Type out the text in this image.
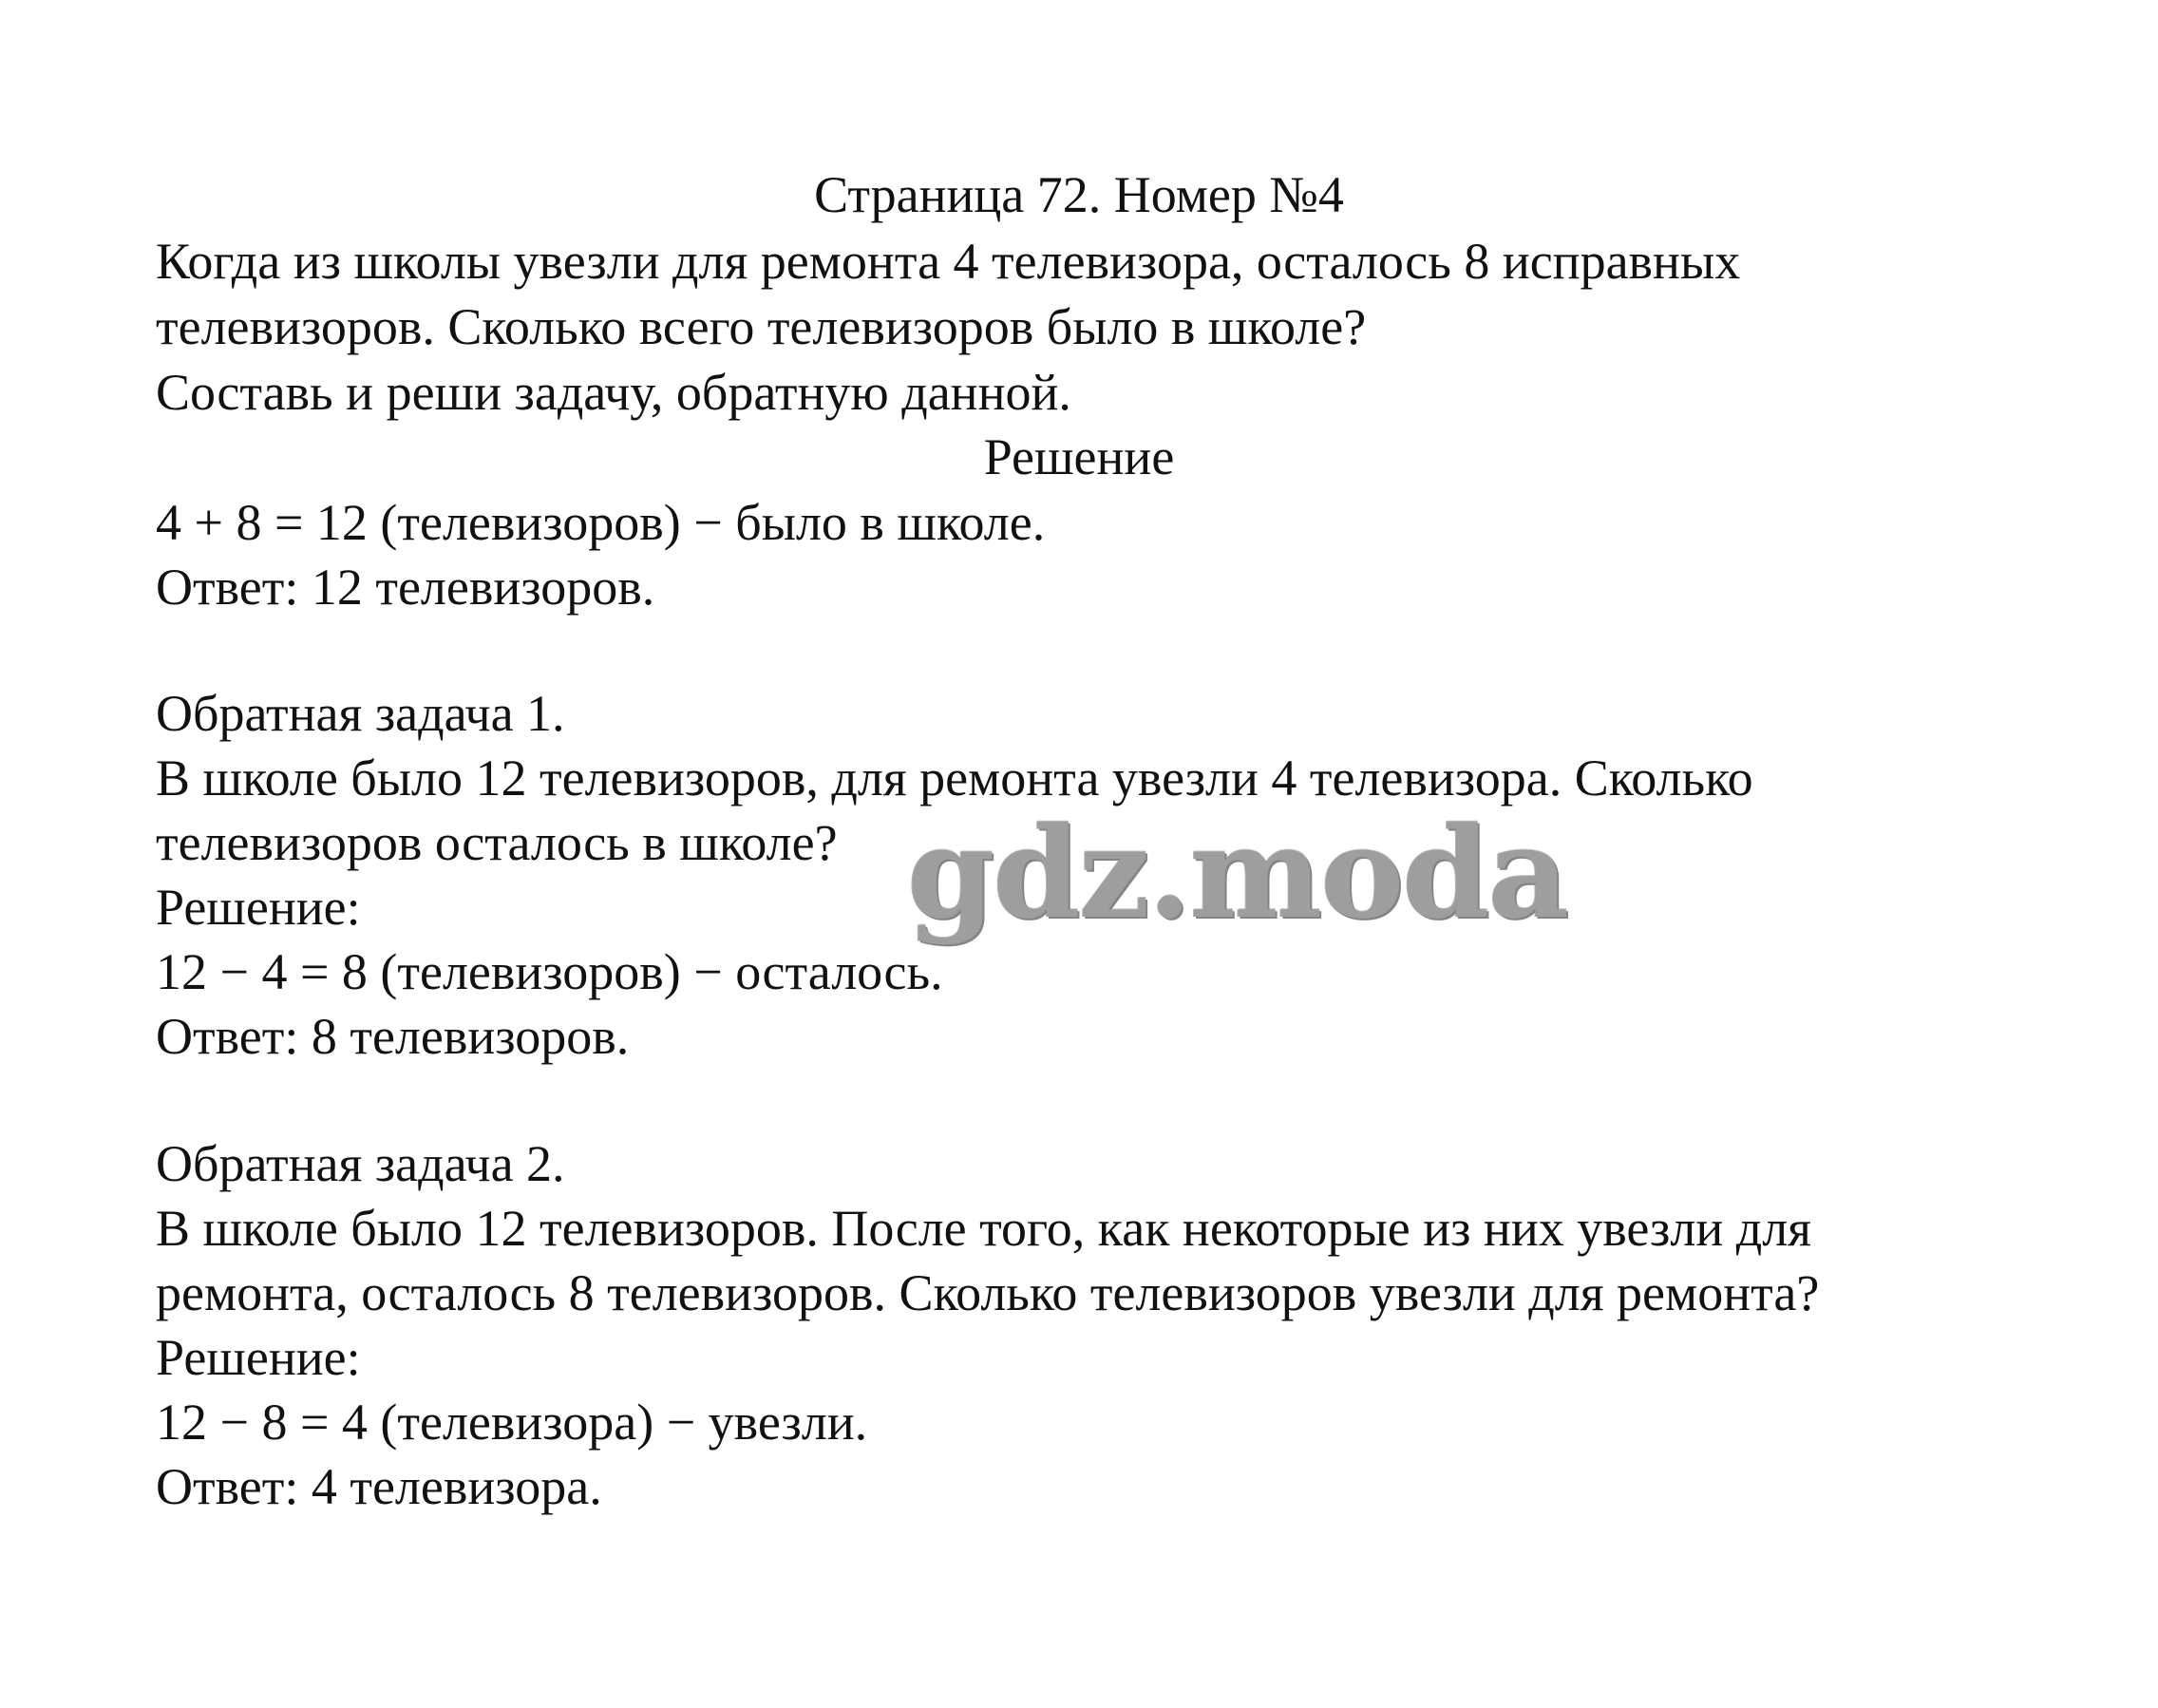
Страница 72. Номер №4
Когда из школы увезли для ремонта 4 телевизора, осталось 8 исправных
телевизоров. Сколько всего телевизоров было в школе?
Составь и реши задачу, обратную данной.
Решение
4 + 8 = 12 (телевизоров) − было в школе.
Ответ: 12 телевизоров.
Обратная задача 1.
В школе было 12 телевизоров, для ремонта увезли 4 телевизора. Сколько
телевизоров осталось в школе?
Решение:
12 − 4 = 8 (телевизоров) − осталось.
Ответ: 8 телевизоров.
Обратная задача 2.
В школе было 12 телевизоров. После того, как некоторые из них увезли для
ремонта, осталось 8 телевизоров. Сколько телевизоров увезли для ремонта?
Решение:
12 − 8 = 4 (телевизора) − увезли.
Ответ: 4 телевизора.
gdz.moda
